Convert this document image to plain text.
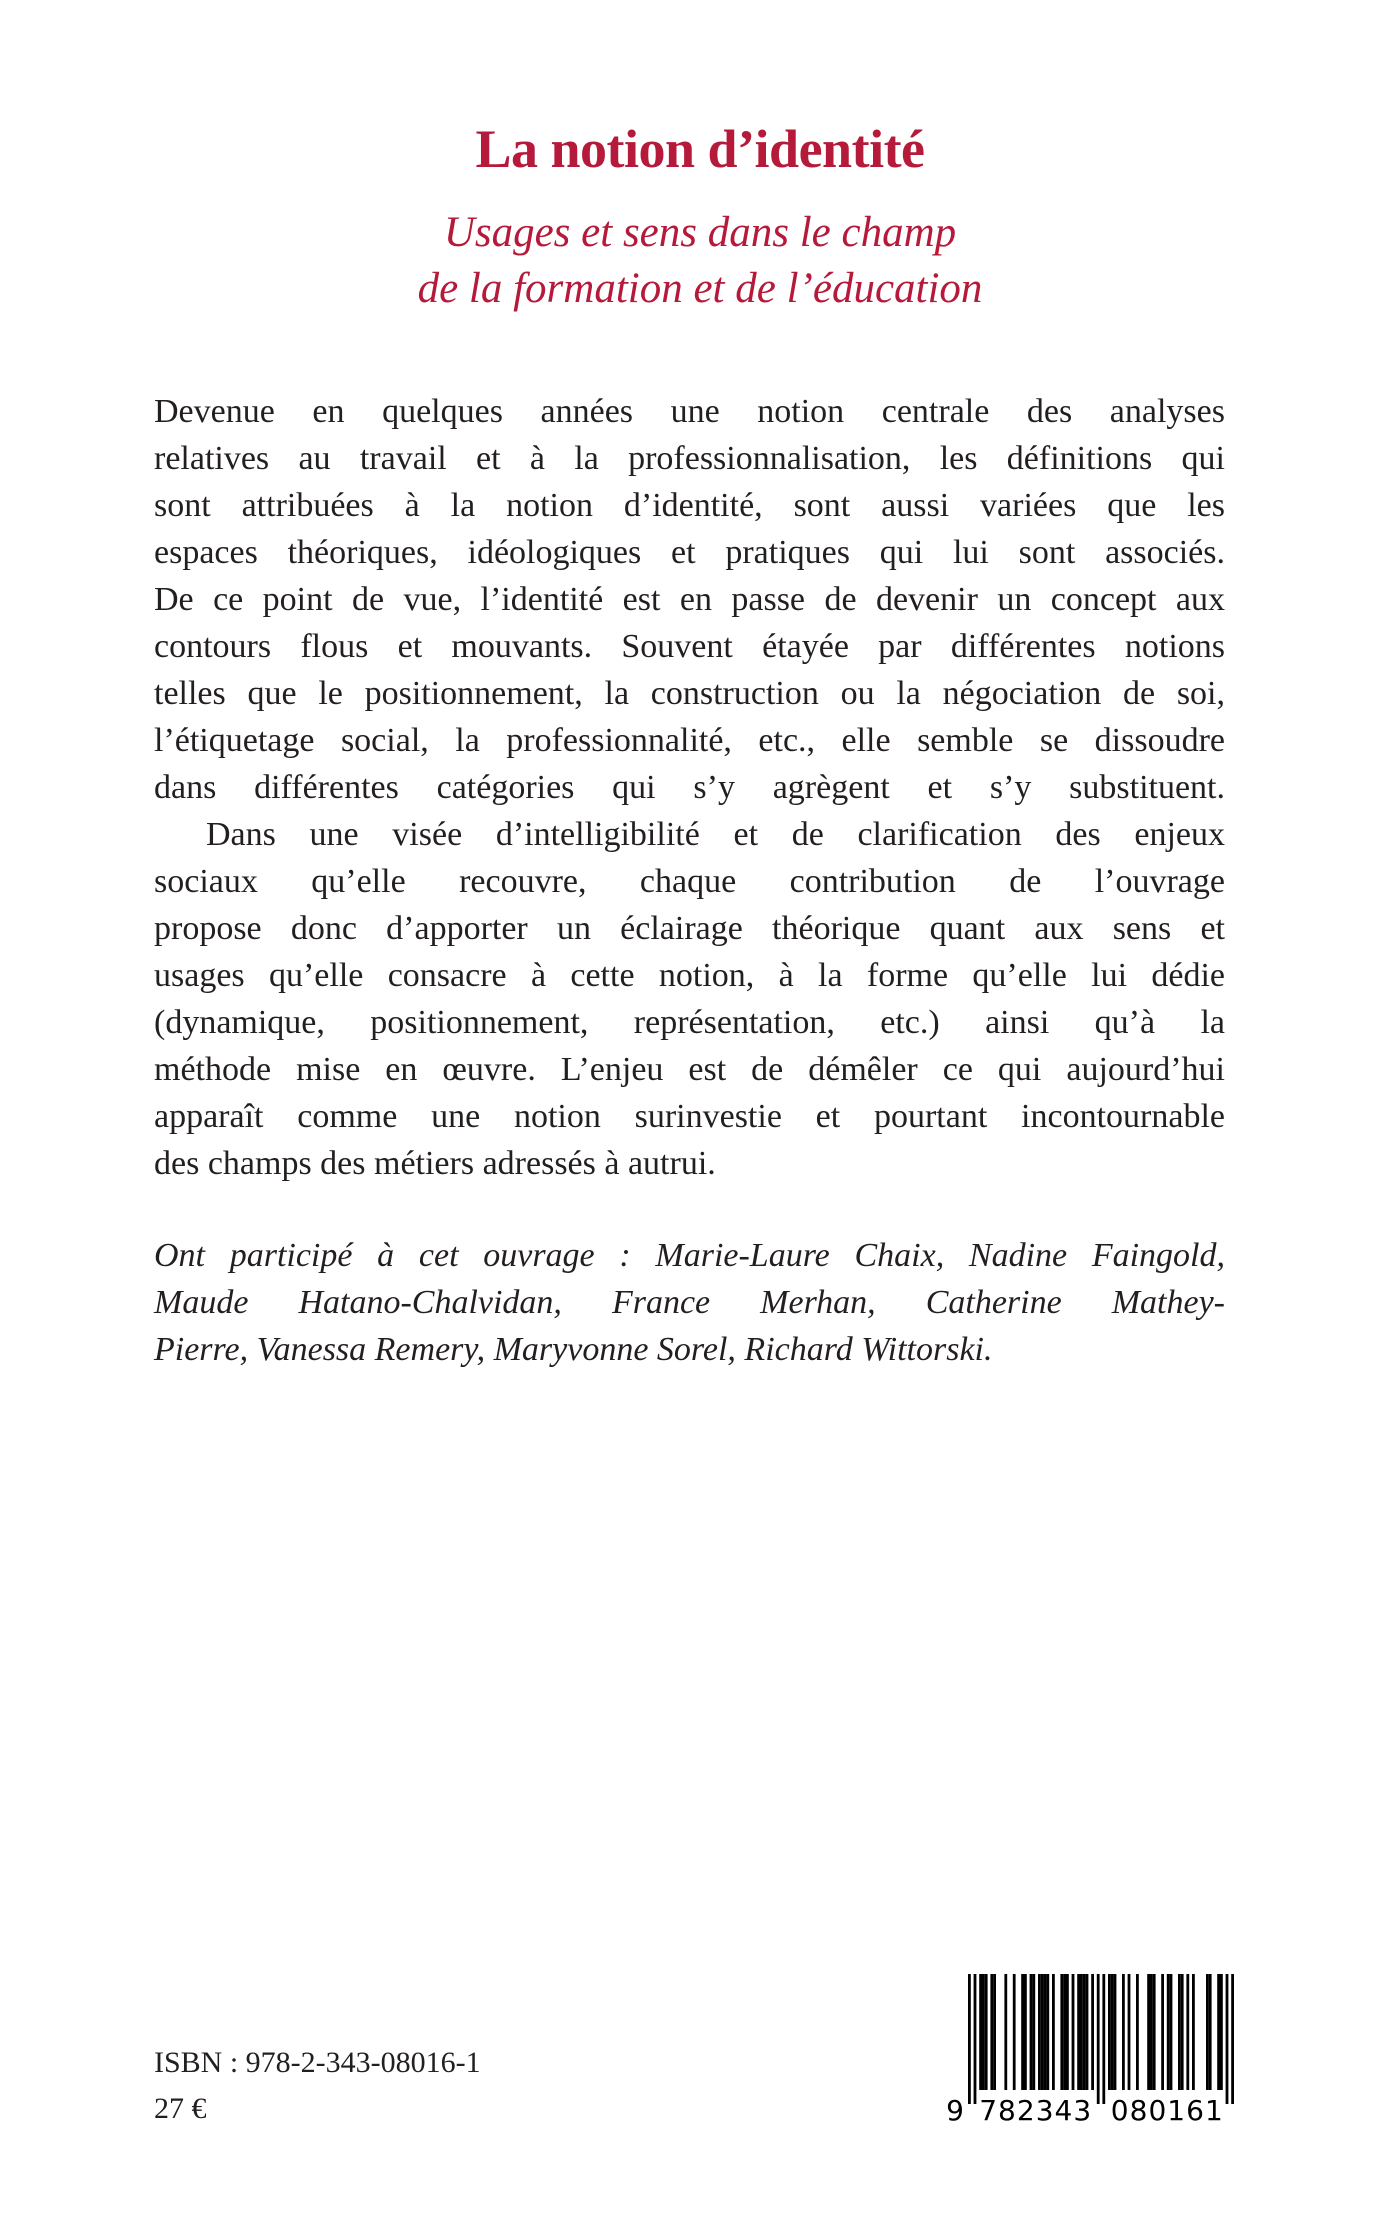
La notion d’identité
Usages et sens dans le champ
de la formation et de l’éducation
Devenue en quelques années une notion centrale des analyses
relatives au travail et à la professionnalisation, les définitions qui
sont attribuées à la notion d’identité, sont aussi variées que les
espaces théoriques, idéologiques et pratiques qui lui sont associés.
De ce point de vue, l’identité est en passe de devenir un concept aux
contours flous et mouvants. Souvent étayée par différentes notions
telles que le positionnement, la construction ou la négociation de soi,
l’étiquetage social, la professionnalité, etc., elle semble se dissoudre
dans différentes catégories qui s’y agrègent et s’y substituent.
Dans une visée d’intelligibilité et de clarification des enjeux
sociaux qu’elle recouvre, chaque contribution de l’ouvrage
propose donc d’apporter un éclairage théorique quant aux sens et
usages qu’elle consacre à cette notion, à la forme qu’elle lui dédie
(dynamique, positionnement, représentation, etc.) ainsi qu’à la
méthode mise en œuvre. L’enjeu est de démêler ce qui aujourd’hui
apparaît comme une notion surinvestie et pourtant incontournable
des champs des métiers adressés à autrui.
Ont participé à cet ouvrage : Marie-Laure Chaix, Nadine Faingold,
Maude Hatano-Chalvidan, France Merhan, Catherine Mathey-
Pierre, Vanessa Remery, Maryvonne Sorel, Richard Wittorski.
ISBN : 978-2-343-08016-1
27 €	9 782343 080161
